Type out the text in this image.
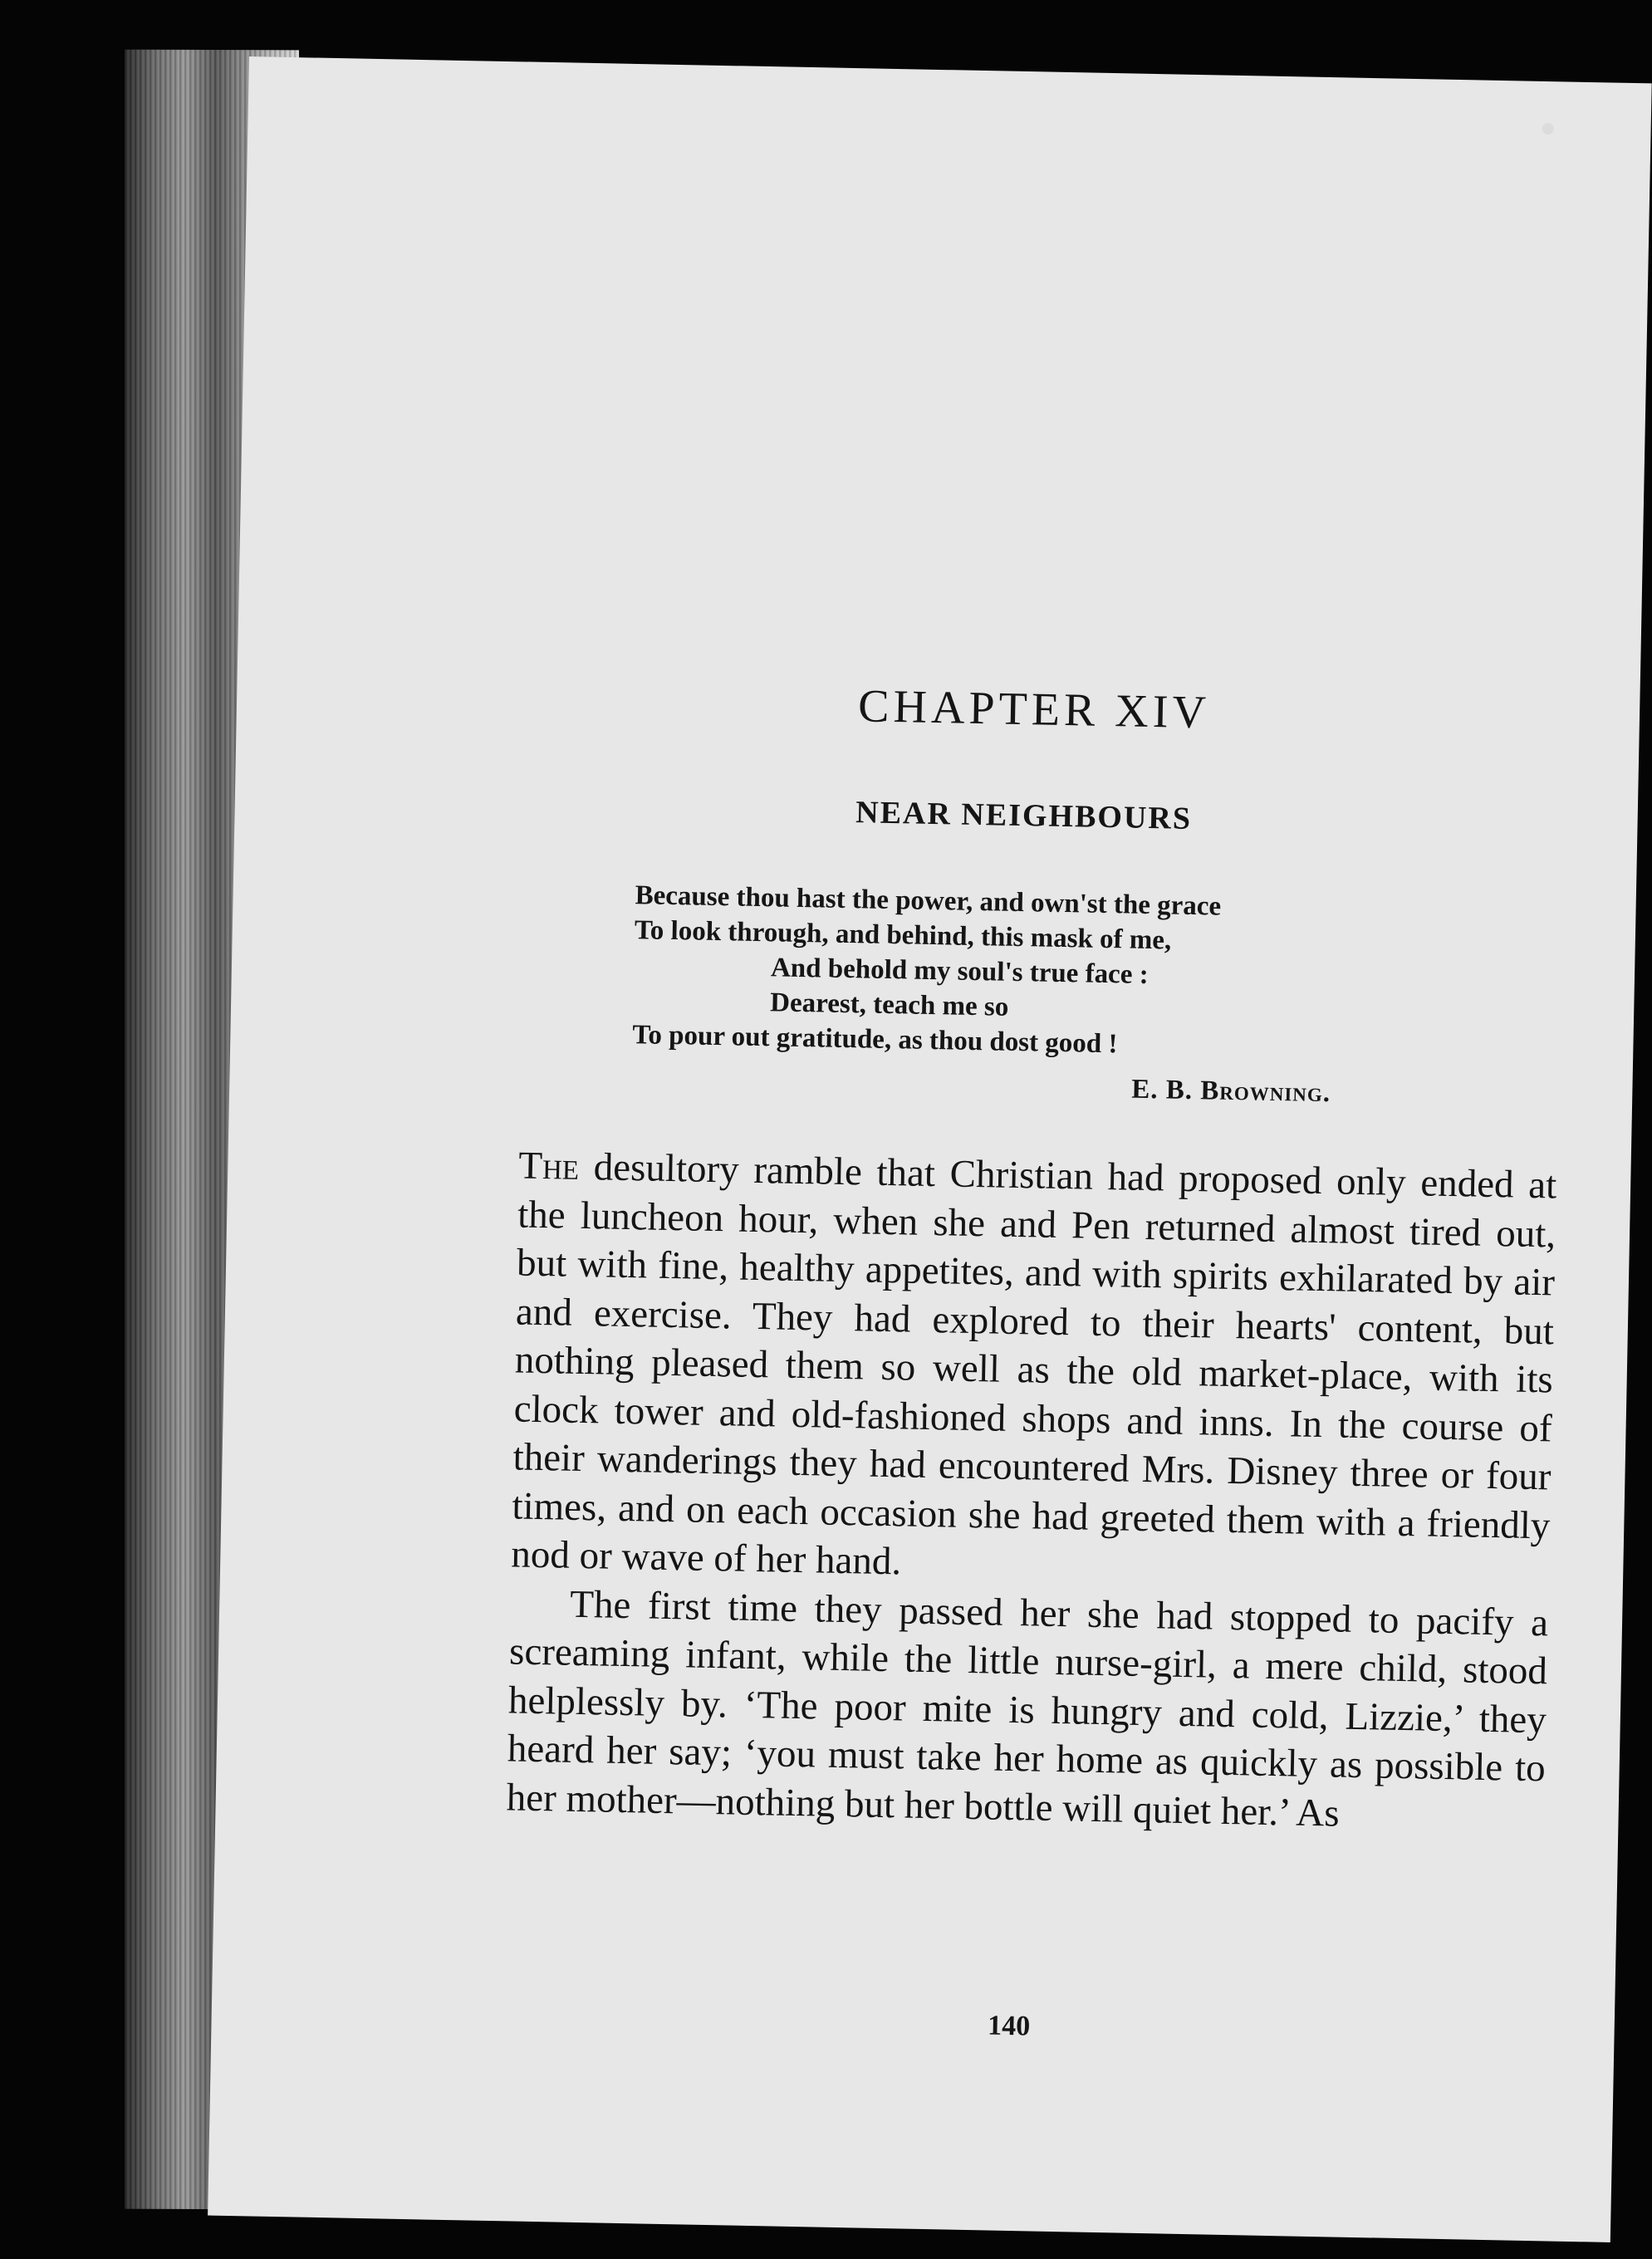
CHAPTER XIV
NEAR NEIGHBOURS
Because thou hast the power, and own'st the grace
To look through, and behind, this mask of me,
And behold my soul's true face :
Dearest, teach me so
To pour out gratitude, as thou dost good !
E. B. Browning.

The desultory ramble that Christian had proposed only ended at the luncheon hour, when she and Pen returned almost tired out, but with fine, healthy appetites, and with spirits exhilarated by air and exercise. They had explored to their hearts' content, but nothing pleased them so well as the old market-place, with its clock tower and old-fashioned shops and inns. In the course of their wanderings they had encountered Mrs. Disney three or four times, and on each occasion she had greeted them with a friendly nod or wave of her hand.

The first time they passed her she had stopped to pacify a screaming infant, while the little nurse-girl, a mere child, stood helplessly by. ‘The poor mite is hungry and cold, Lizzie,’ they heard her say; ‘you must take her home as quickly as possible to her mother—nothing but her bottle will quiet her.’ As

140
